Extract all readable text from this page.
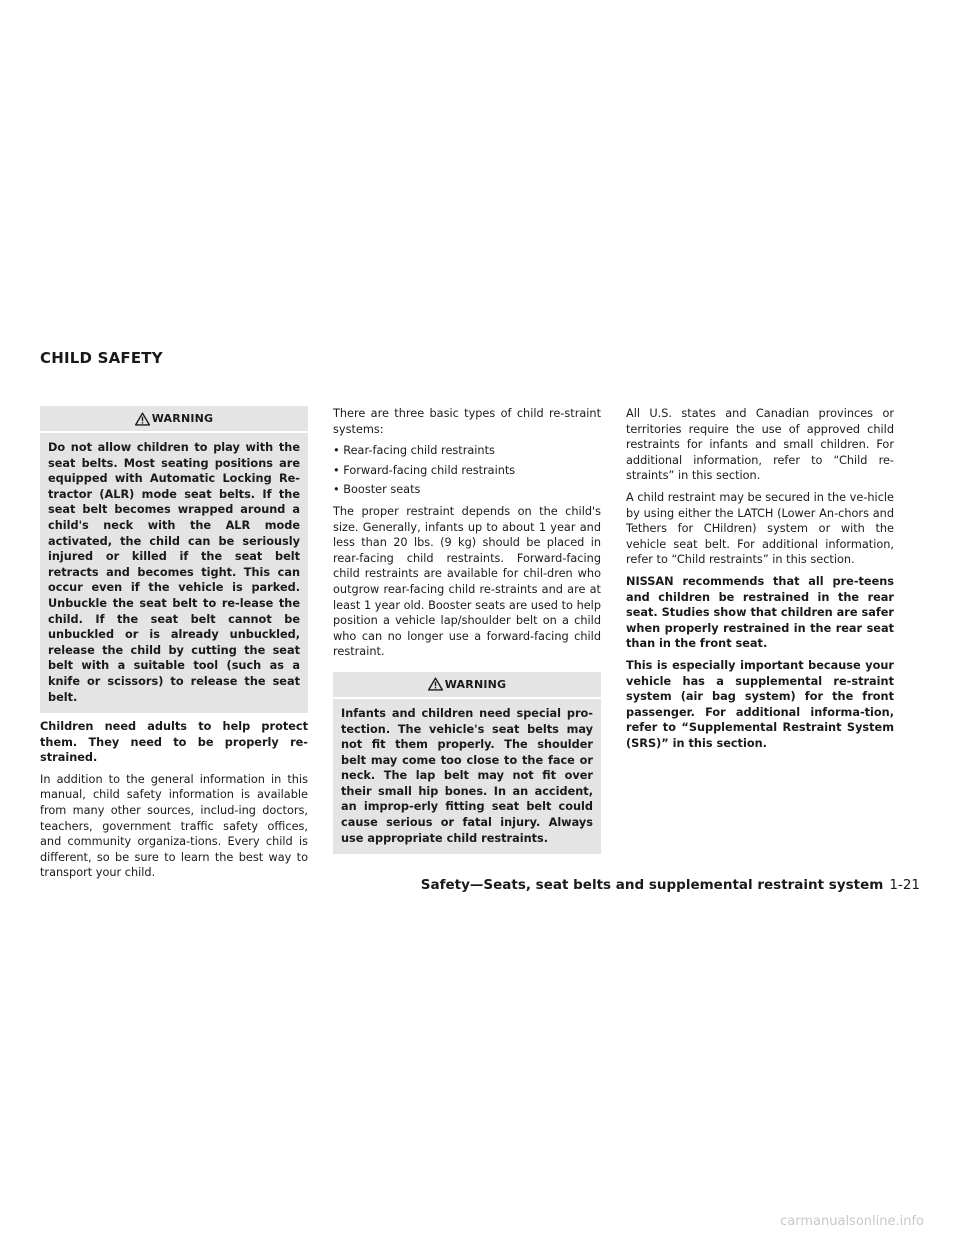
CHILD SAFETY
WARNING
Do not allow children to play with the seat belts. Most seating positions are equipped with Automatic Locking Re-tractor (ALR) mode seat belts. If the seat belt becomes wrapped around a child's neck with the ALR mode activated, the child can be seriously injured or killed if the seat belt retracts and becomes tight. This can occur even if the vehicle is parked. Unbuckle the seat belt to re-lease the child. If the seat belt cannot be unbuckled or is already unbuckled, release the child by cutting the seat belt with a suitable tool (such as a knife or scissors) to release the seat belt.

Children need adults to help protect them. They need to be properly re-strained.

In addition to the general information in this manual, child safety information is available from many other sources, includ-ing doctors, teachers, government traffic safety offices, and community organiza-tions. Every child is different, so be sure to learn the best way to transport your child.

There are three basic types of child re-straint systems:

• Rear-facing child restraints
• Forward-facing child restraints
• Booster seats

The proper restraint depends on the child's size. Generally, infants up to about 1 year and less than 20 lbs. (9 kg) should be placed in rear-facing child restraints. Forward-facing child restraints are available for chil-dren who outgrow rear-facing child re-straints and are at least 1 year old. Booster seats are used to help position a vehicle lap/shoulder belt on a child who can no longer use a forward-facing child restraint.

WARNING
Infants and children need special pro-tection. The vehicle's seat belts may not fit them properly. The shoulder belt may come too close to the face or neck. The lap belt may not fit over their small hip bones. In an accident, an improp-erly fitting seat belt could cause serious or fatal injury. Always use appropriate child restraints.

All U.S. states and Canadian provinces or territories require the use of approved child restraints for infants and small children. For additional information, refer to “Child re-straints” in this section.

A child restraint may be secured in the ve-hicle by using either the LATCH (Lower An-chors and Tethers for CHildren) system or with the vehicle seat belt. For additional information, refer to “Child restraints” in this section.

NISSAN recommends that all pre-teens and children be restrained in the rear seat. Studies show that children are safer when properly restrained in the rear seat than in the front seat.

This is especially important because your vehicle has a supplemental re-straint system (air bag system) for the front passenger. For additional informa-tion, refer to “Supplemental Restraint System (SRS)” in this section.

Safety—Seats, seat belts and supplemental restraint system 1-21
carmanualsonline.info
